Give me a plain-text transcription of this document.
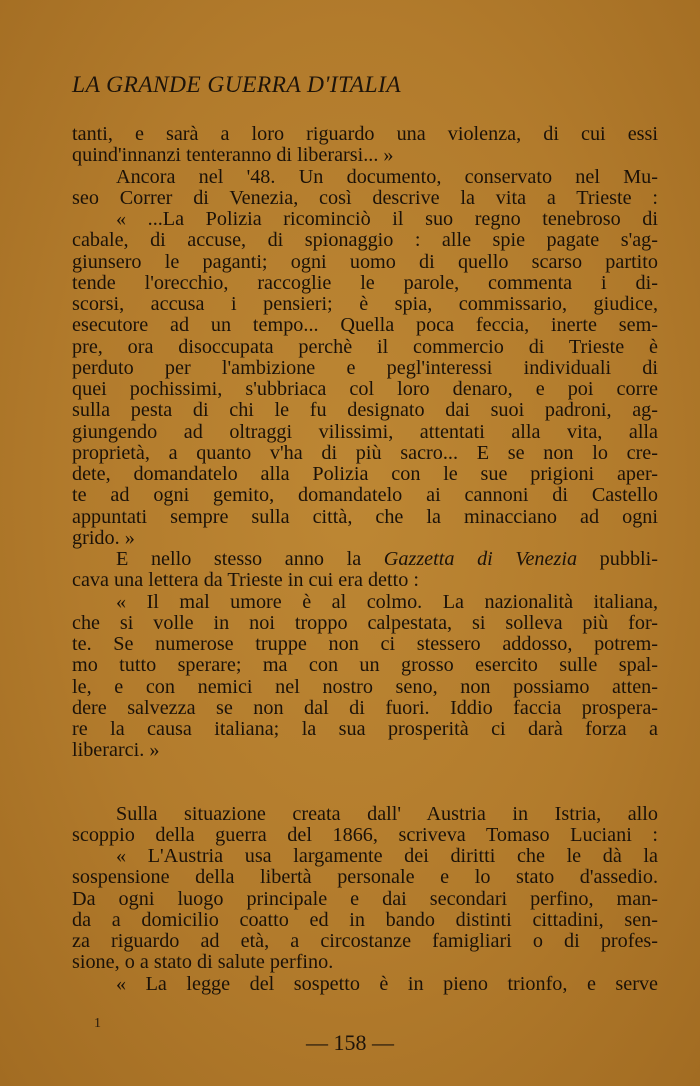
LA GRANDE GUERRA D'ITALIA
tanti, e sarà a loro riguardo una violenza, di cui essi
quind'innanzi tenteranno di liberarsi... »
Ancora nel '48. Un documento, conservato nel Mu-
seo Correr di Venezia, così descrive la vita a Trieste :
« ...La Polizia ricominciò il suo regno tenebroso di
cabale, di accuse, di spionaggio : alle spie pagate s'ag-
giunsero le paganti; ogni uomo di quello scarso partito
tende l'orecchio, raccoglie le parole, commenta i di-
scorsi, accusa i pensieri; è spia, commissario, giudice,
esecutore ad un tempo... Quella poca feccia, inerte sem-
pre, ora disoccupata perchè il commercio di Trieste è
perduto per l'ambizione e pegl'interessi individuali di
quei pochissimi, s'ubbriaca col loro denaro, e poi corre
sulla pesta di chi le fu designato dai suoi padroni, ag-
giungendo ad oltraggi vilissimi, attentati alla vita, alla
proprietà, a quanto v'ha di più sacro... E se non lo cre-
dete, domandatelo alla Polizia con le sue prigioni aper-
te ad ogni gemito, domandatelo ai cannoni di Castello
appuntati sempre sulla città, che la minacciano ad ogni
grido. »
E nello stesso anno la Gazzetta di Venezia pubbli-
cava una lettera da Trieste in cui era detto :
« Il mal umore è al colmo. La nazionalità italiana,
che si volle in noi troppo calpestata, si solleva più for-
te. Se numerose truppe non ci stessero addosso, potrem-
mo tutto sperare; ma con un grosso esercito sulle spal-
le, e con nemici nel nostro seno, non possiamo atten-
dere salvezza se non dal di fuori. Iddio faccia prospera-
re la causa italiana; la sua prosperità ci darà forza a
liberarci. »
Sulla situazione creata dall' Austria in Istria, allo
scoppio della guerra del 1866, scriveva Tomaso Luciani :
« L'Austria usa largamente dei diritti che le dà la
sospensione della libertà personale e lo stato d'assedio.
Da ogni luogo principale e dai secondari perfino, man-
da a domicilio coatto ed in bando distinti cittadini, sen-
za riguardo ad età, a circostanze famigliari o di profes-
sione, o a stato di salute perfino.
« La legge del sospetto è in pieno trionfo, e serve
1
— 158 —
